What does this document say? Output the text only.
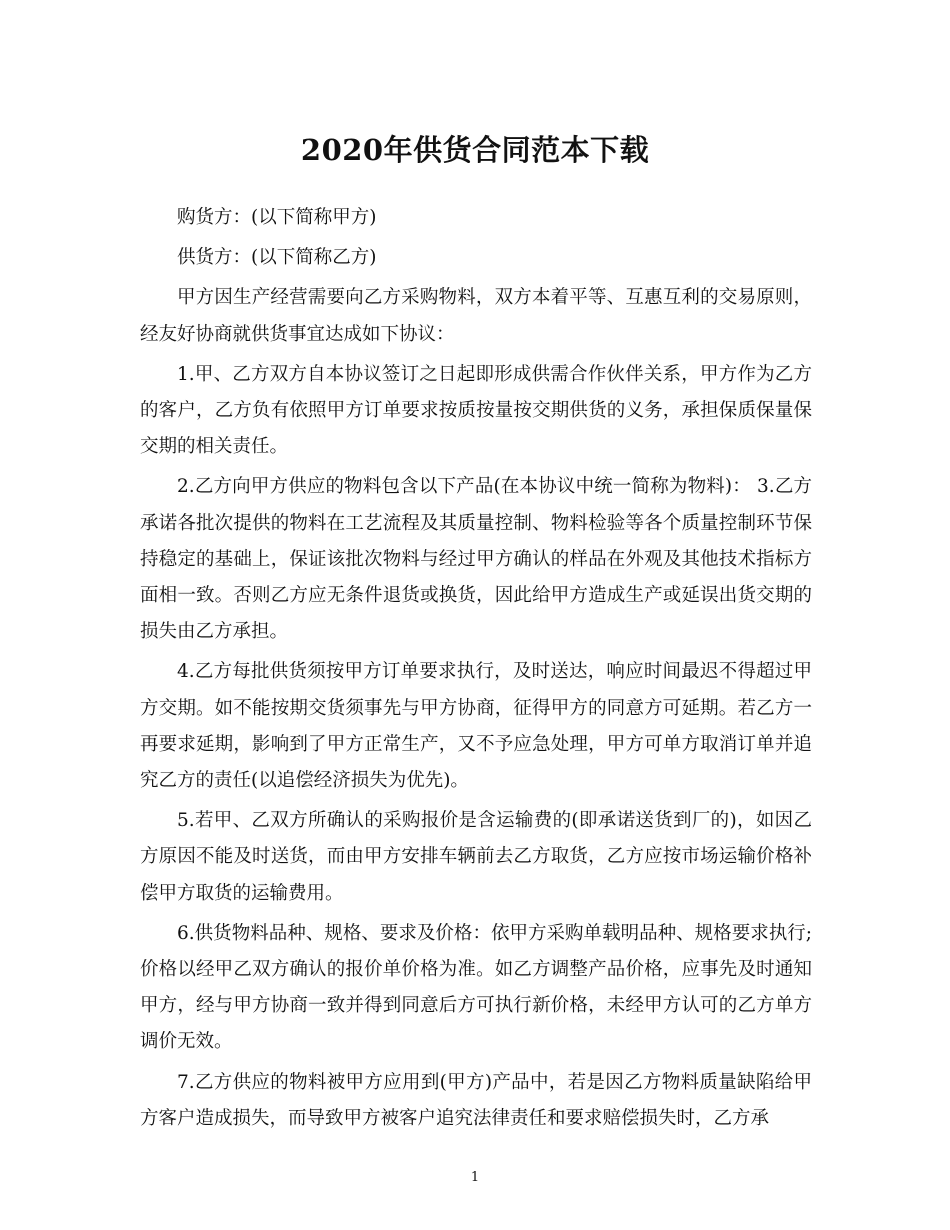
2020年供货合同范本下载

购货方：(以下简称甲方)

供货方：(以下简称乙方)

甲方因生产经营需要向乙方采购物料，双方本着平等、互惠互利的交易原则，经友好协商就供货事宜达成如下协议：

1.甲、乙方双方自本协议签订之日起即形成供需合作伙伴关系，甲方作为乙方的客户，乙方负有依照甲方订单要求按质按量按交期供货的义务，承担保质保量保交期的相关责任。

2.乙方向甲方供应的物料包含以下产品(在本协议中统一简称为物料)： 3.乙方承诺各批次提供的物料在工艺流程及其质量控制、物料检验等各个质量控制环节保持稳定的基础上，保证该批次物料与经过甲方确认的样品在外观及其他技术指标方面相一致。否则乙方应无条件退货或换货，因此给甲方造成生产或延误出货交期的损失由乙方承担。

4.乙方每批供货须按甲方订单要求执行，及时送达，响应时间最迟不得超过甲方交期。如不能按期交货须事先与甲方协商，征得甲方的同意方可延期。若乙方一再要求延期，影响到了甲方正常生产，又不予应急处理，甲方可单方取消订单并追究乙方的责任(以追偿经济损失为优先)。

5.若甲、乙双方所确认的采购报价是含运输费的(即承诺送货到厂的)，如因乙方原因不能及时送货，而由甲方安排车辆前去乙方取货，乙方应按市场运输价格补偿甲方取货的运输费用。

6.供货物料品种、规格、要求及价格：依甲方采购单载明品种、规格要求执行;价格以经甲乙双方确认的报价单价格为准。如乙方调整产品价格，应事先及时通知甲方，经与甲方协商一致并得到同意后方可执行新价格，未经甲方认可的乙方单方调价无效。

7.乙方供应的物料被甲方应用到(甲方)产品中，若是因乙方物料质量缺陷给甲方客户造成损失，而导致甲方被客户追究法律责任和要求赔偿损失时，乙方承

1
